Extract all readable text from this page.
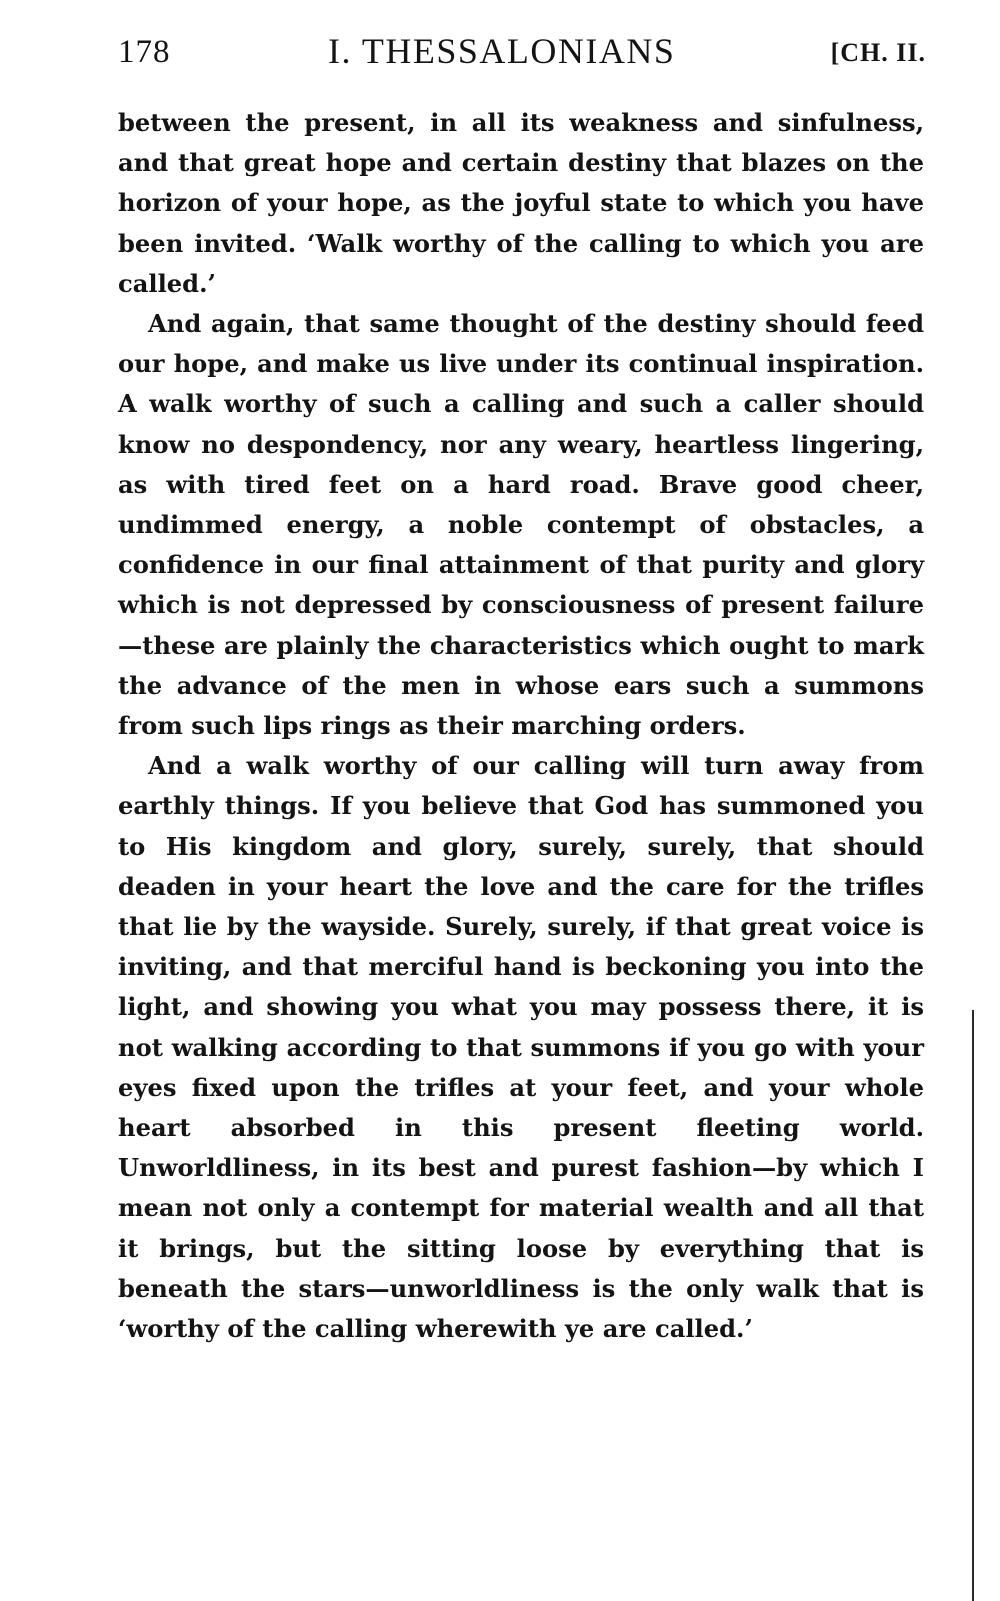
178	I. THESSALONIANS	[CH. II.

between the present, in all its weakness and sinfulness, and that great hope and certain destiny that blazes on the horizon of your hope, as the joyful state to which you have been invited. ‘Walk worthy of the calling to which you are called.’

And again, that same thought of the destiny should feed our hope, and make us live under its continual inspiration. A walk worthy of such a calling and such a caller should know no despondency, nor any weary, heartless lingering, as with tired feet on a hard road. Brave good cheer, undimmed energy, a noble contempt of obstacles, a confidence in our final attainment of that purity and glory which is not depressed by consciousness of present failure—these are plainly the characteristics which ought to mark the advance of the men in whose ears such a summons from such lips rings as their marching orders.

And a walk worthy of our calling will turn away from earthly things. If you believe that God has summoned you to His kingdom and glory, surely, surely, that should deaden in your heart the love and the care for the trifles that lie by the wayside. Surely, surely, if that great voice is inviting, and that merciful hand is beckoning you into the light, and showing you what you may possess there, it is not walking according to that summons if you go with your eyes fixed upon the trifles at your feet, and your whole heart absorbed in this present fleeting world. Unworldliness, in its best and purest fashion—by which I mean not only a contempt for material wealth and all that it brings, but the sitting loose by everything that is beneath the stars—unworldliness is the only walk that is ‘worthy of the calling wherewith ye are called.’
